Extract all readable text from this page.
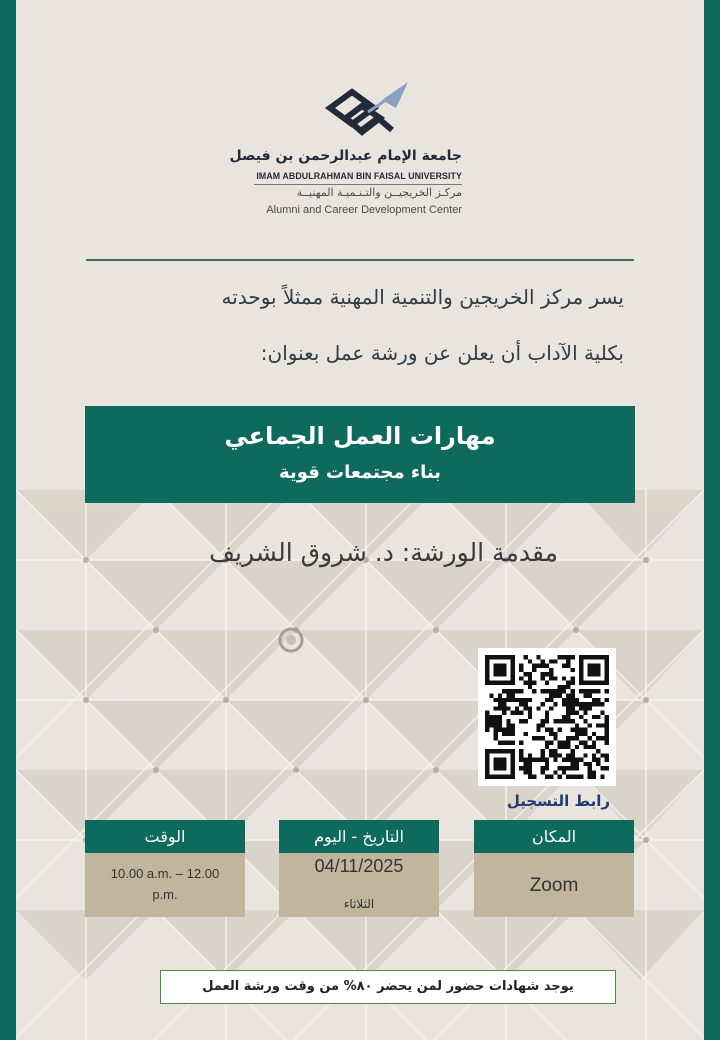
جامعة الإمام عبدالرحمن بن فيصل
IMAM ABDULRAHMAN BIN FAISAL UNIVERSITY
مركـز الخريجيــن والتـنـميـة المهنيــة
Alumni and Career Development Center
يسر مركز الخريجين والتنمية المهنية ممثلاً بوحدته
بكلية الآداب أن يعلن عن ورشة عمل بعنوان:
مهارات العمل الجماعي
بناء مجتمعات قوية
مقدمة الورشة: د. شروق الشريف
رابط التسجيل
الوقت
10.00 a.m. – 12.00 p.m.
التاريخ - اليوم
04/11/2025
الثلاثاء
المكان
Zoom
يوجد شهادات حضور لمن يحضر ٨٠% من وقت ورشة العمل
